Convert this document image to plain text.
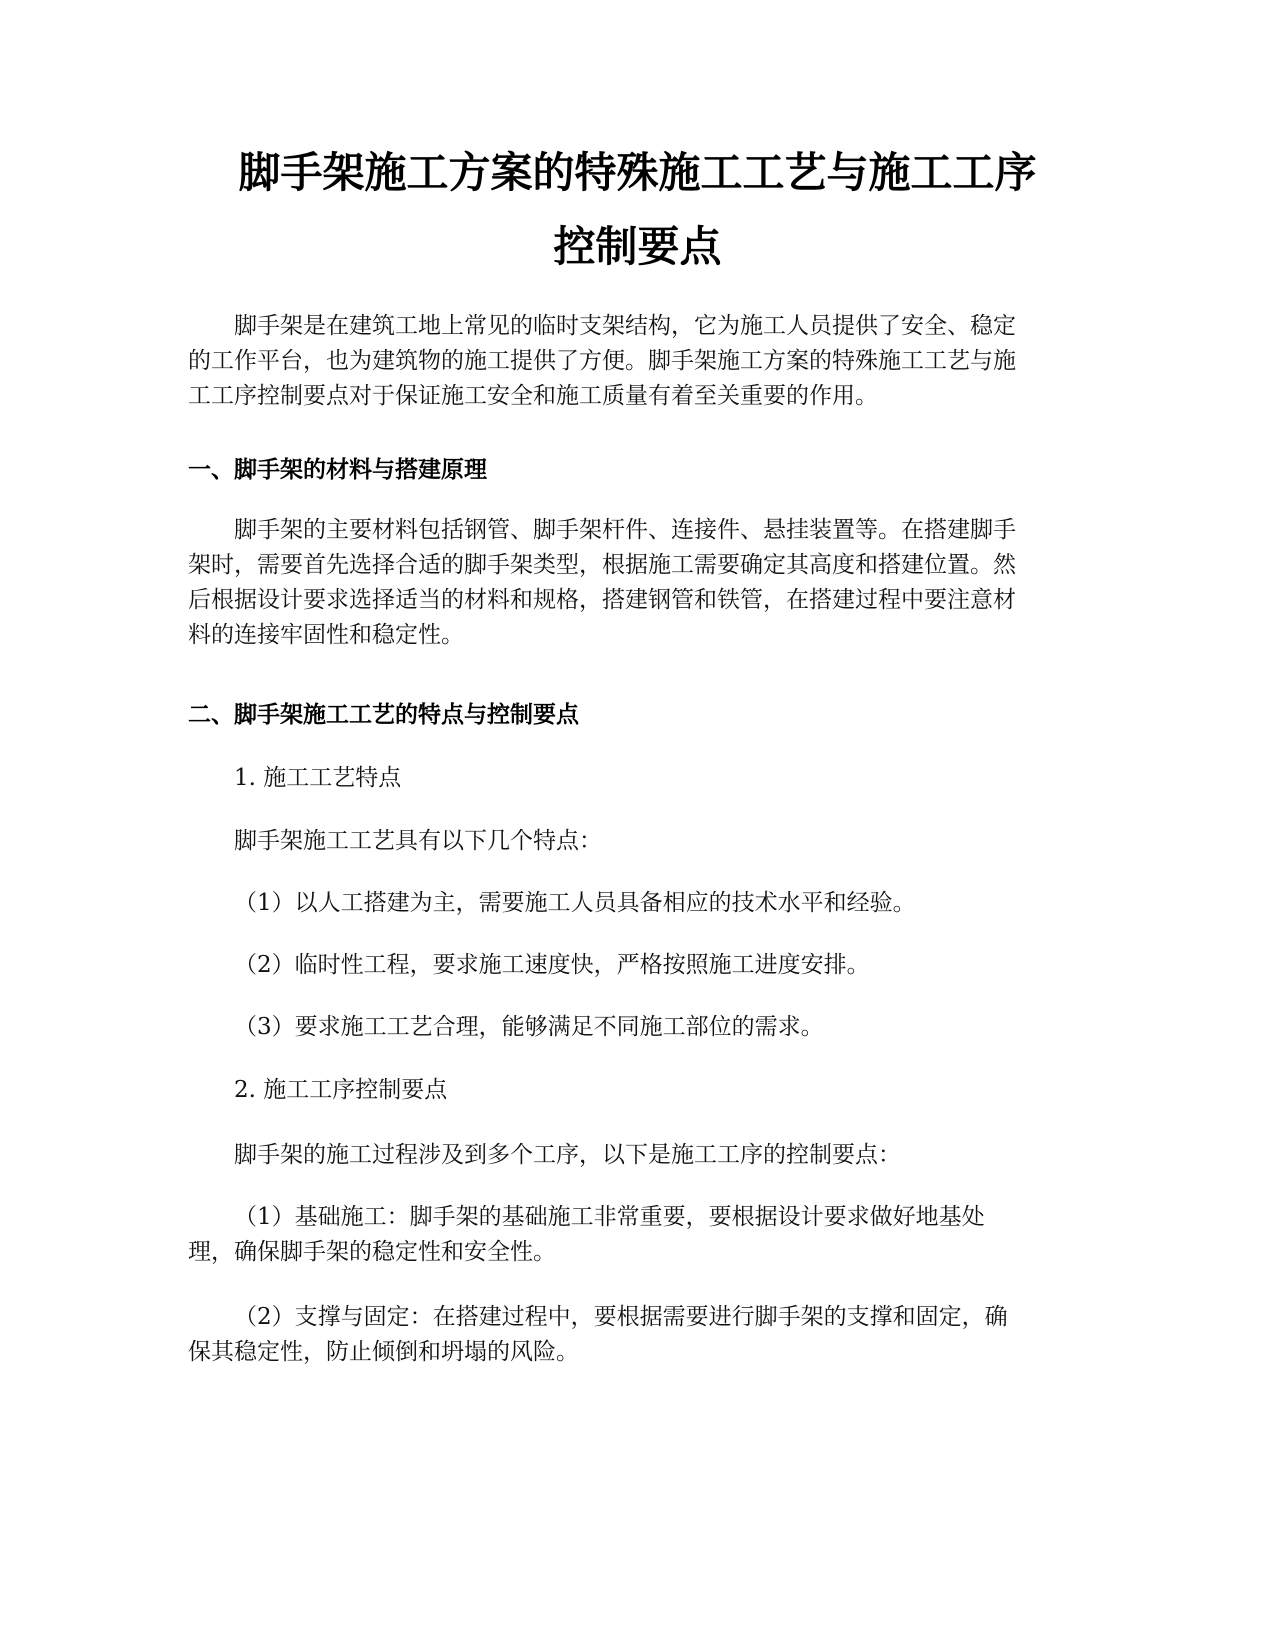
脚手架施工方案的特殊施工工艺与施工工序
控制要点

脚手架是在建筑工地上常见的临时支架结构，它为施工人员提供了安全、稳定
的工作平台，也为建筑物的施工提供了方便。脚手架施工方案的特殊施工工艺与施
工工序控制要点对于保证施工安全和施工质量有着至关重要的作用。

一、脚手架的材料与搭建原理

脚手架的主要材料包括钢管、脚手架杆件、连接件、悬挂装置等。在搭建脚手
架时，需要首先选择合适的脚手架类型，根据施工需要确定其高度和搭建位置。然
后根据设计要求选择适当的材料和规格，搭建钢管和铁管，在搭建过程中要注意材
料的连接牢固性和稳定性。

二、脚手架施工工艺的特点与控制要点

1. 施工工艺特点

脚手架施工工艺具有以下几个特点：

（1）以人工搭建为主，需要施工人员具备相应的技术水平和经验。

（2）临时性工程，要求施工速度快，严格按照施工进度安排。

（3）要求施工工艺合理，能够满足不同施工部位的需求。

2. 施工工序控制要点

脚手架的施工过程涉及到多个工序，以下是施工工序的控制要点：

（1）基础施工：脚手架的基础施工非常重要，要根据设计要求做好地基处
理，确保脚手架的稳定性和安全性。

（2）支撑与固定：在搭建过程中，要根据需要进行脚手架的支撑和固定，确
保其稳定性，防止倾倒和坍塌的风险。
